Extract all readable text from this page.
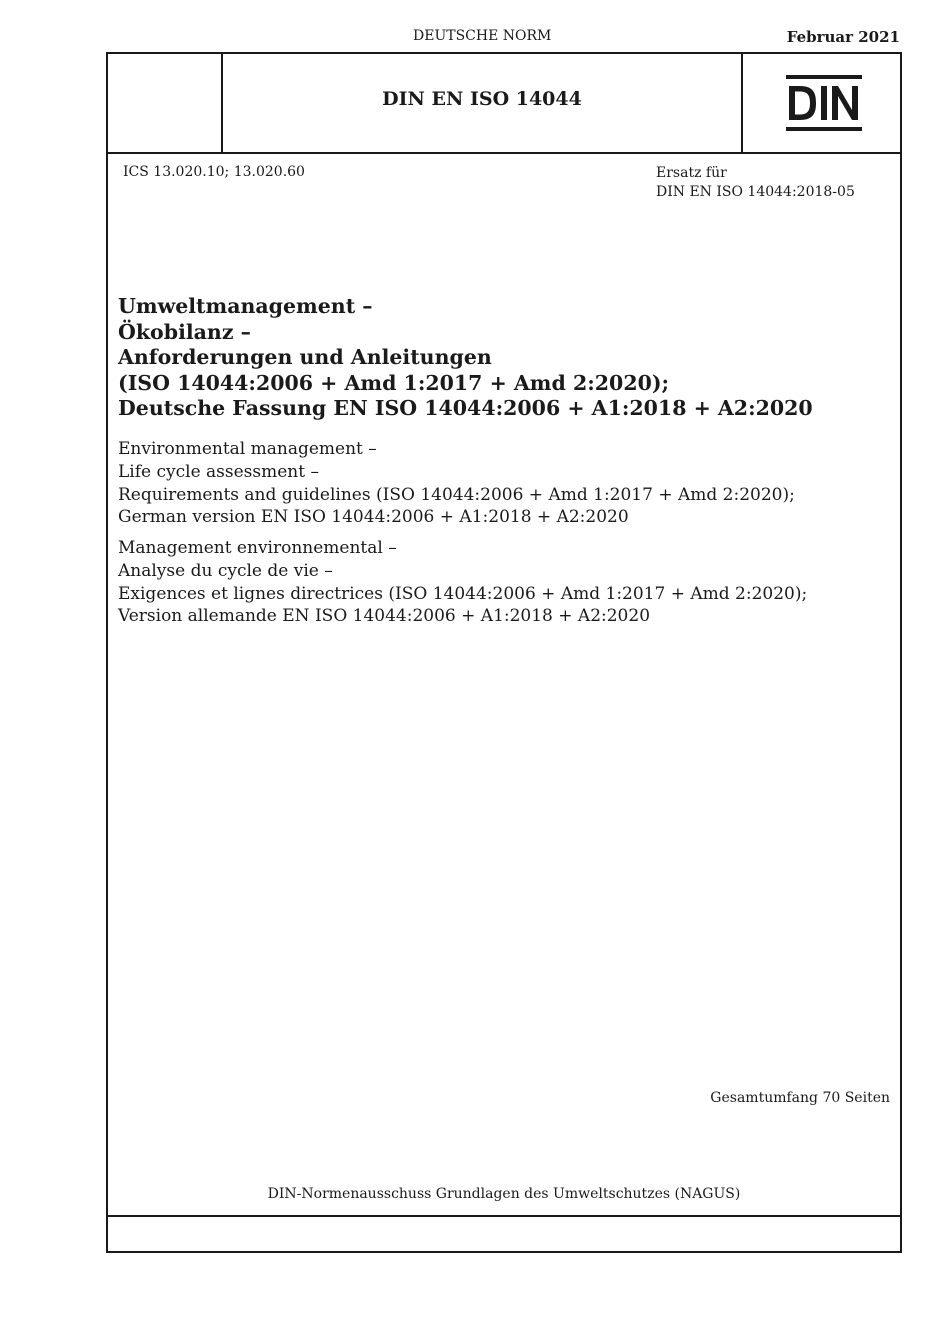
DEUTSCHE NORM	Februar 2021
DIN EN ISO 14044
ICS 13.020.10; 13.020.60	Ersatz für
DIN EN ISO 14044:2018-05
Umweltmanagement –
Ökobilanz –
Anforderungen und Anleitungen
(ISO 14044:2006 + Amd 1:2017 + Amd 2:2020);
Deutsche Fassung EN ISO 14044:2006 + A1:2018 + A2:2020
Environmental management –
Life cycle assessment –
Requirements and guidelines (ISO 14044:2006 + Amd 1:2017 + Amd 2:2020);
German version EN ISO 14044:2006 + A1:2018 + A2:2020
Management environnemental –
Analyse du cycle de vie –
Exigences et lignes directrices (ISO 14044:2006 + Amd 1:2017 + Amd 2:2020);
Version allemande EN ISO 14044:2006 + A1:2018 + A2:2020
Gesamtumfang 70 Seiten
DIN-Normenausschuss Grundlagen des Umweltschutzes (NAGUS)
